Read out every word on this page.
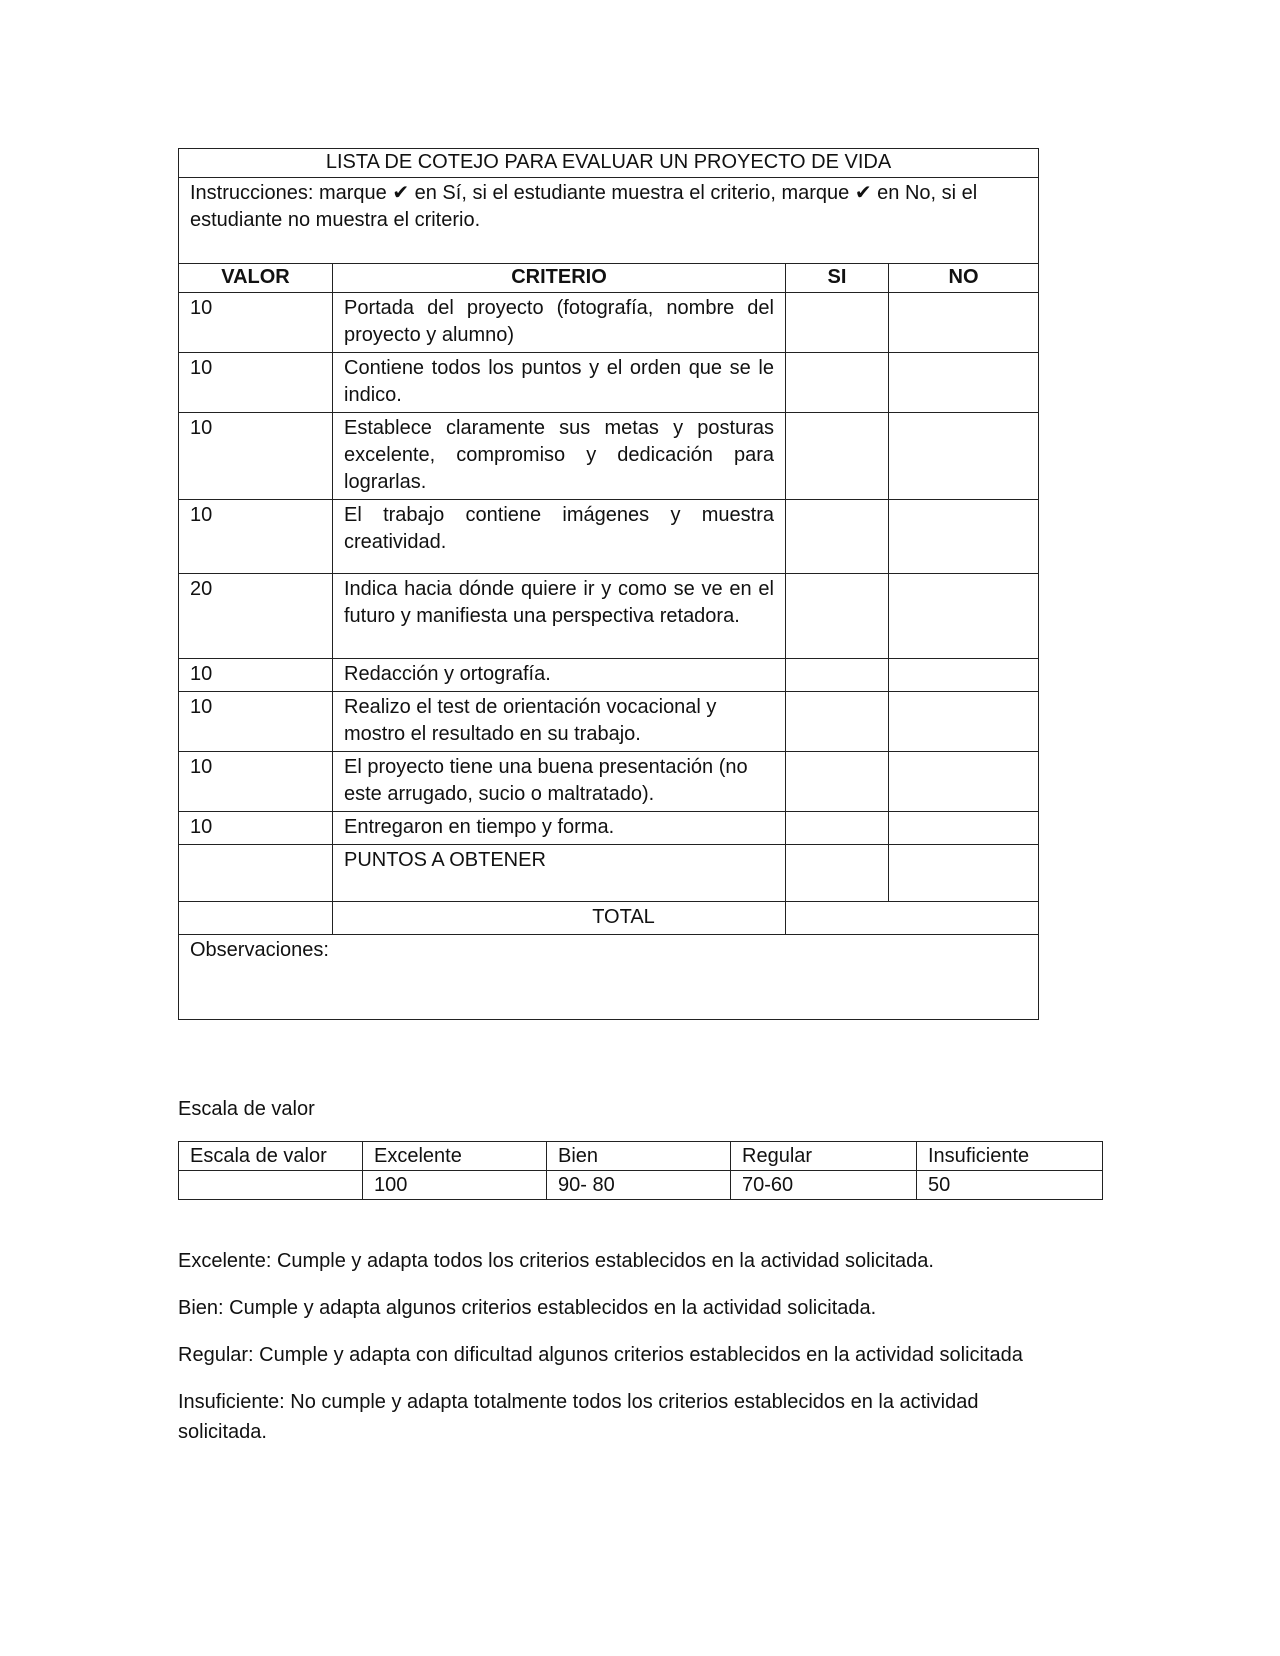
LISTA DE COTEJO PARA EVALUAR UN PROYECTO DE VIDA			
Instrucciones: marque ✔ en Sí, si el estudiante muestra el criterio, marque ✔ en No, si el estudiante no muestra el criterio.			
VALOR	CRITERIO	SI	NO
10	Portada del proyecto (fotografía, nombre del proyecto y alumno)		
10	Contiene todos los puntos y el orden que se le indico.		
10	Establece claramente sus metas y posturas excelente, compromiso y dedicación para lograrlas.		
10	El trabajo contiene imágenes y muestra creatividad.		
20	Indica hacia dónde quiere ir y como se ve en el futuro y manifiesta una perspectiva retadora.		
10	Redacción y ortografía.		
10	Realizo el test de orientación vocacional y mostro el resultado en su trabajo.		
10	El proyecto tiene una buena presentación (no este arrugado, sucio o maltratado).		
10	Entregaron en tiempo y forma.		
	PUNTOS A OBTENER		
	TOTAL		
Observaciones:			

Escala de valor

Escala de valor	Excelente	Bien	Regular	Insuficiente
	100	90- 80	70-60	50

Excelente: Cumple y adapta todos los criterios establecidos en la actividad solicitada.

Bien: Cumple y adapta algunos criterios establecidos en la actividad solicitada.

Regular: Cumple y adapta con dificultad algunos criterios establecidos en la actividad solicitada

Insuficiente: No cumple y adapta totalmente todos los criterios establecidos en la actividad solicitada.
